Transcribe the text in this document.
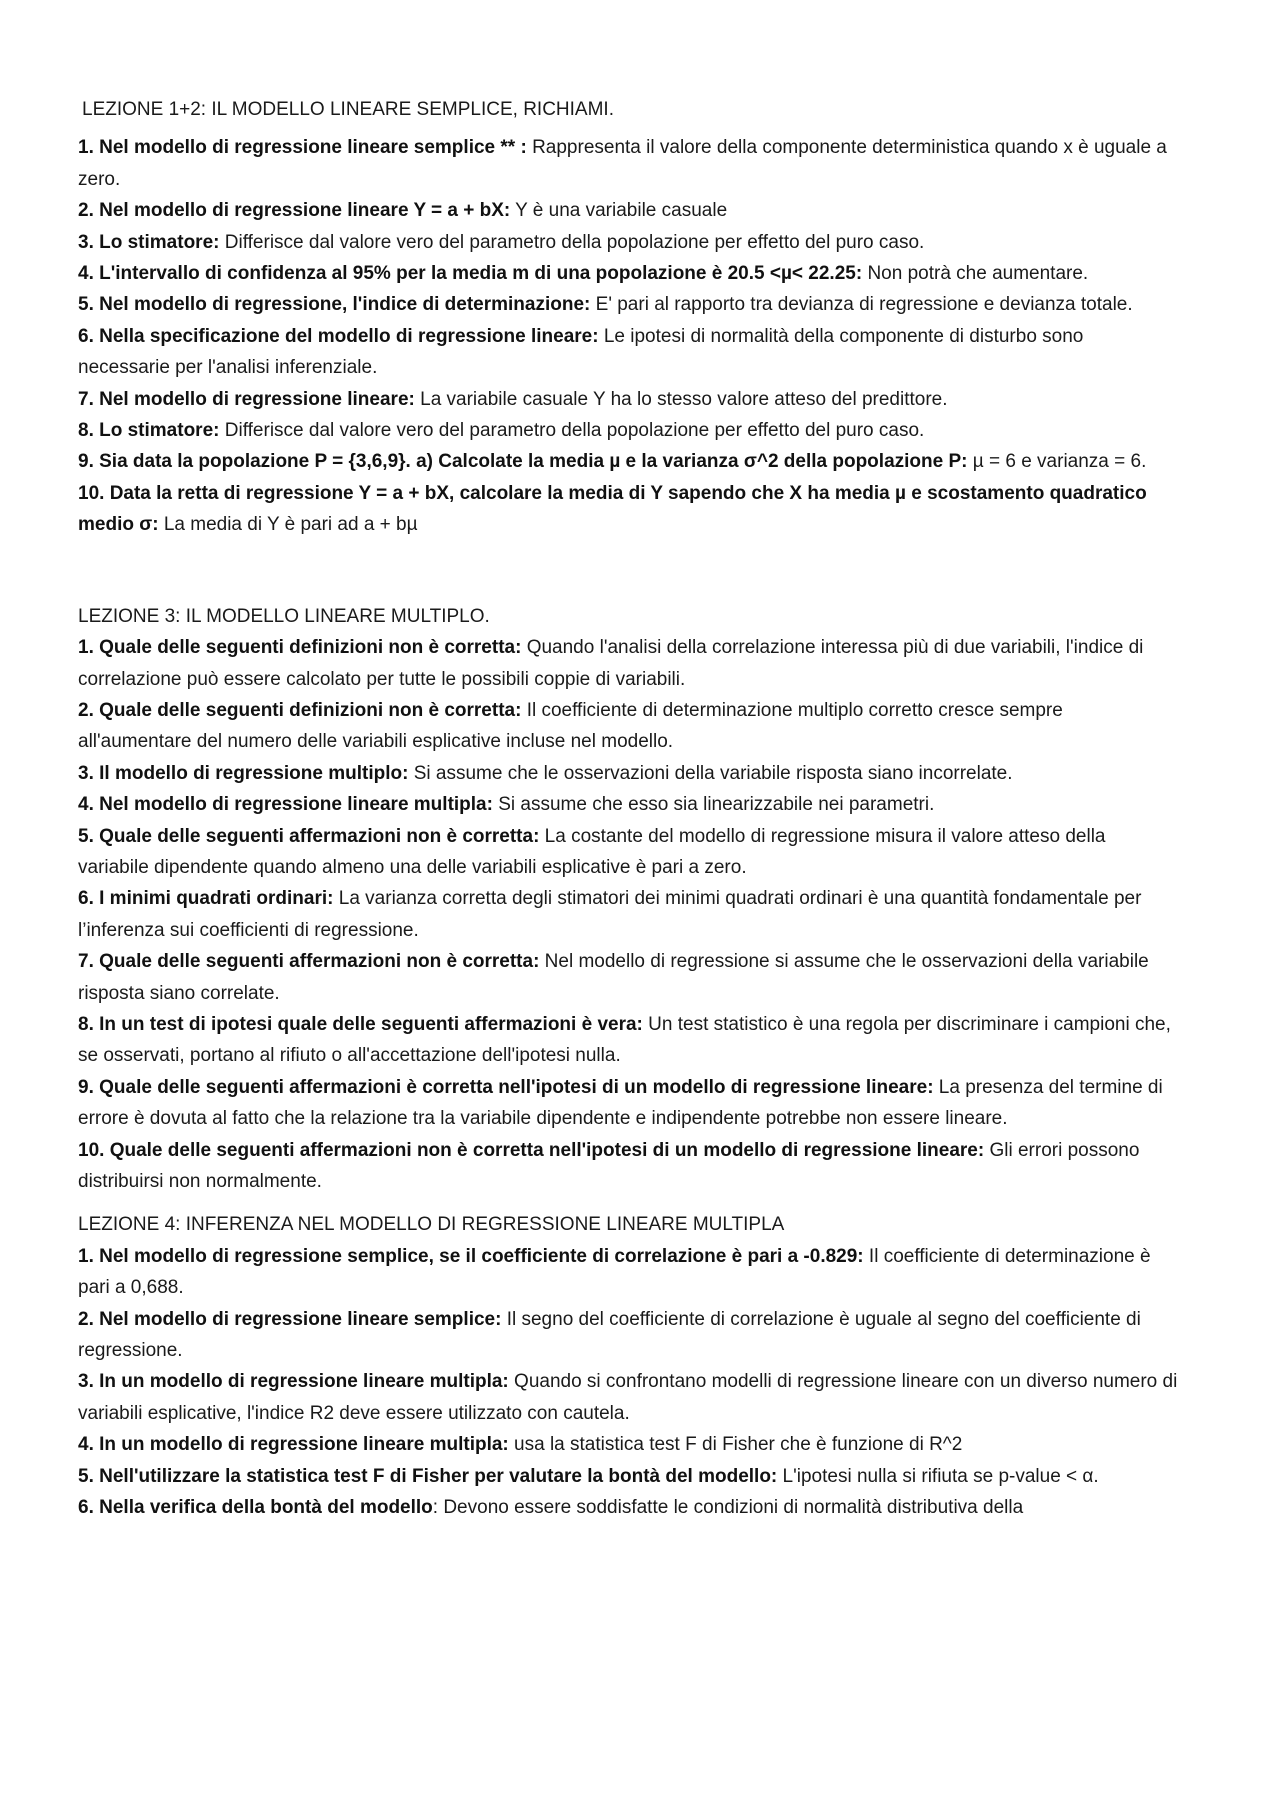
LEZIONE 1+2: IL MODELLO LINEARE SEMPLICE, RICHIAMI.

1. Nel modello di regressione lineare semplice ** : Rappresenta il valore della componente deterministica quando x è uguale a zero.

2. Nel modello di regressione lineare Y = a + bX: Y è una variabile casuale

3. Lo stimatore: Differisce dal valore vero del parametro della popolazione per effetto del puro caso.

4. L'intervallo di confidenza al 95% per la media m di una popolazione è 20.5 <µ< 22.25: Non potrà che aumentare.

5. Nel modello di regressione, l'indice di determinazione: E' pari al rapporto tra devianza di regressione e devianza totale.

6. Nella specificazione del modello di regressione lineare: Le ipotesi di normalità della componente di disturbo sono necessarie per l'analisi inferenziale.

7. Nel modello di regressione lineare: La variabile casuale Y ha lo stesso valore atteso del predittore.

8. Lo stimatore: Differisce dal valore vero del parametro della popolazione per effetto del puro caso.

9. Sia data la popolazione P = {3,6,9}. a) Calcolate la media µ e la varianza σ^2 della popolazione P: µ = 6 e varianza = 6.

10. Data la retta di regressione Y = a + bX, calcolare la media di Y sapendo che X ha media µ e scostamento quadratico medio σ: La media di Y è pari ad a + bµ

LEZIONE 3: IL MODELLO LINEARE MULTIPLO.

1. Quale delle seguenti definizioni non è corretta: Quando l'analisi della correlazione interessa più di due variabili, l'indice di correlazione può essere calcolato per tutte le possibili coppie di variabili.

2. Quale delle seguenti definizioni non è corretta: Il coefficiente di determinazione multiplo corretto cresce sempre all'aumentare del numero delle variabili esplicative incluse nel modello.

3. Il modello di regressione multiplo: Si assume che le osservazioni della variabile risposta siano incorrelate.

4. Nel modello di regressione lineare multipla: Si assume che esso sia linearizzabile nei parametri.

5. Quale delle seguenti affermazioni non è corretta: La costante del modello di regressione misura il valore atteso della variabile dipendente quando almeno una delle variabili esplicative è pari a zero.

6. I minimi quadrati ordinari: La varianza corretta degli stimatori dei minimi quadrati ordinari è una quantità fondamentale per l’inferenza sui coefficienti di regressione.

7. Quale delle seguenti affermazioni non è corretta: Nel modello di regressione si assume che le osservazioni della variabile risposta siano correlate.

8. In un test di ipotesi quale delle seguenti affermazioni è vera: Un test statistico è una regola per discriminare i campioni che, se osservati, portano al rifiuto o all'accettazione dell'ipotesi nulla.

9. Quale delle seguenti affermazioni è corretta nell'ipotesi di un modello di regressione lineare: La presenza del termine di errore è dovuta al fatto che la relazione tra la variabile dipendente e indipendente potrebbe non essere lineare.

10. Quale delle seguenti affermazioni non è corretta nell'ipotesi di un modello di regressione lineare: Gli errori possono distribuirsi non normalmente.

LEZIONE 4: INFERENZA NEL MODELLO DI REGRESSIONE LINEARE MULTIPLA

1. Nel modello di regressione semplice, se il coefficiente di correlazione è pari a -0.829: Il coefficiente di determinazione è pari a 0,688.

2. Nel modello di regressione lineare semplice: Il segno del coefficiente di correlazione è uguale al segno del coefficiente di regressione.

3. In un modello di regressione lineare multipla: Quando si confrontano modelli di regressione lineare con un diverso numero di variabili esplicative, l'indice R2 deve essere utilizzato con cautela.

4. In un modello di regressione lineare multipla: usa la statistica test F di Fisher che è funzione di R^2

5. Nell'utilizzare la statistica test F di Fisher per valutare la bontà del modello: L'ipotesi nulla si rifiuta se p-value < α.

6. Nella verifica della bontà del modello: Devono essere soddisfatte le condizioni di normalità distributiva della
